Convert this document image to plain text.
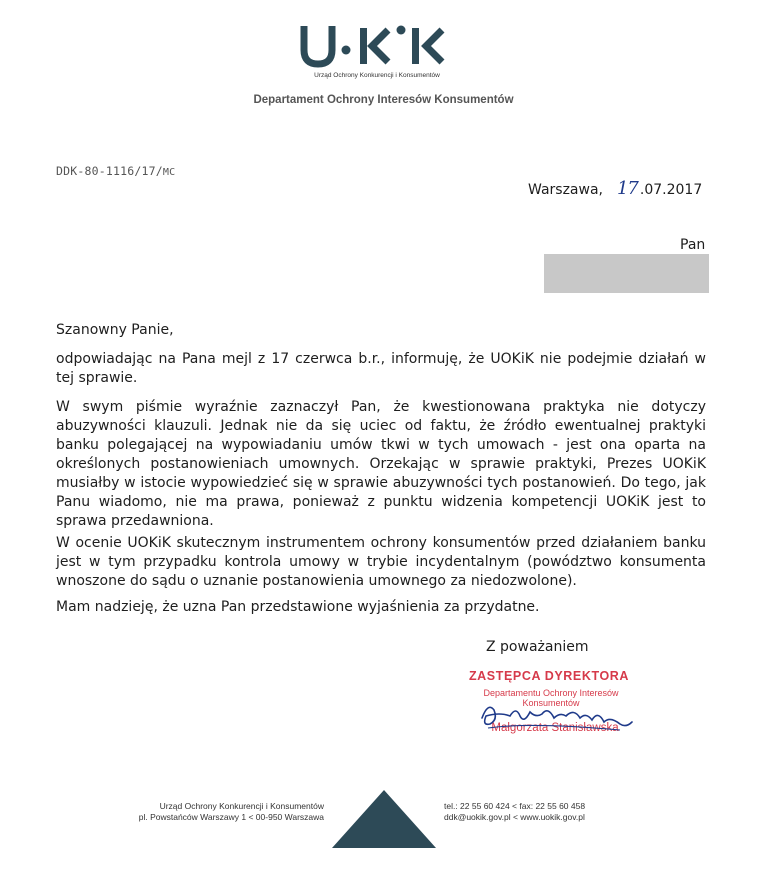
Urząd Ochrony Konkurencji i Konsumentów
Departament Ochrony Interesów Konsumentów
DDK-80-1116/17/MC
Warszawa, 17 .07.2017
Pan
Szanowny Panie,
odpowiadając na Pana mejl z 17 czerwca b.r., informuję, że UOKiK nie podejmie działań w tej sprawie.
W swym piśmie wyraźnie zaznaczył Pan, że kwestionowana praktyka nie dotyczy abuzywności klauzuli. Jednak nie da się uciec od faktu, że źródło ewentualnej praktyki banku polegającej na wypowiadaniu umów tkwi w tych umowach - jest ona oparta na określonych postanowieniach umownych. Orzekając w sprawie praktyki, Prezes UOKiK musiałby w istocie wypowiedzieć się w sprawie abuzywności tych postanowień. Do tego, jak Panu wiadomo, nie ma prawa, ponieważ z punktu widzenia kompetencji UOKiK jest to sprawa przedawniona.
W ocenie UOKiK skutecznym instrumentem ochrony konsumentów przed działaniem banku jest w tym przypadku kontrola umowy w trybie incydentalnym (powództwo konsumenta wnoszone do sądu o uznanie postanowienia umownego za niedozwolone).
Mam nadzieję, że uzna Pan przedstawione wyjaśnienia za przydatne.
Z poważaniem
ZASTĘPCA DYREKTORA
Departamentu Ochrony Interesów Konsumentów
Małgorzata Stanisławska
Urząd Ochrony Konkurencji i Konsumentów
pl. Powstańców Warszawy 1 < 00-950 Warszawa
tel.: 22 55 60 424 < fax: 22 55 60 458
ddk@uokik.gov.pl < www.uokik.gov.pl
